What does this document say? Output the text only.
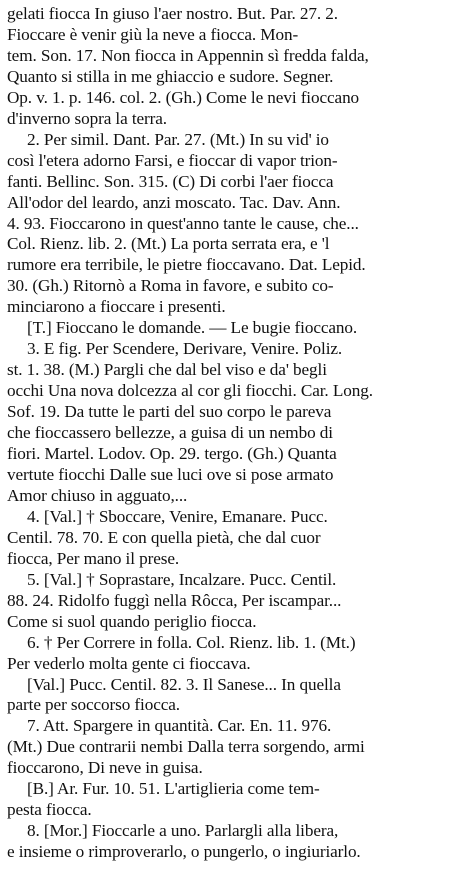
gelati fiocca In giuso l'aer nostro. But. Par. 27. 2.
Fioccare è venir giù la neve a fiocca. Mon-
tem. Son. 17. Non fiocca in Appennin sì fredda falda,
Quanto si stilla in me ghiaccio e sudore. Segner.
Op. v. 1. p. 146. col. 2. (Gh.) Come le nevi fioccano
d'inverno sopra la terra.
2. Per simil. Dant. Par. 27. (Mt.) In su vid' io
così l'etera adorno Farsi, e fioccar di vapor trion-
fanti. Bellinc. Son. 315. (C) Di corbi l'aer fiocca
All'odor del leardo, anzi moscato. Tac. Dav. Ann.
4. 93. Fioccarono in quest'anno tante le cause, che...
Col. Rienz. lib. 2. (Mt.) La porta serrata era, e 'l
rumore era terribile, le pietre fioccavano. Dat. Lepid.
30. (Gh.) Ritornò a Roma in favore, e subito co-
minciarono a fioccare i presenti.
[T.] Fioccano le domande. — Le bugie fioccano.
3. E fig. Per Scendere, Derivare, Venire. Poliz.
st. 1. 38. (M.) Pargli che dal bel viso e da' begli
occhi Una nova dolcezza al cor gli fiocchi. Car. Long.
Sof. 19. Da tutte le parti del suo corpo le pareva
che fioccassero bellezze, a guisa di un nembo di
fiori. Martel. Lodov. Op. 29. tergo. (Gh.) Quanta
vertute fiocchi Dalle sue luci ove si pose armato
Amor chiuso in agguato,...
4. [Val.] † Sboccare, Venire, Emanare. Pucc.
Centil. 78. 70. E con quella pietà, che dal cuor
fiocca, Per mano il prese.
5. [Val.] † Soprastare, Incalzare. Pucc. Centil.
88. 24. Ridolfo fuggì nella Rôcca, Per iscampar...
Come si suol quando periglio fiocca.
6. † Per Correre in folla. Col. Rienz. lib. 1. (Mt.)
Per vederlo molta gente ci fioccava.
[Val.] Pucc. Centil. 82. 3. Il Sanese... In quella
parte per soccorso fiocca.
7. Att. Spargere in quantità. Car. En. 11. 976.
(Mt.) Due contrarii nembi Dalla terra sorgendo, armi
fioccarono, Di neve in guisa.
[B.] Ar. Fur. 10. 51. L'artiglieria come tem-
pesta fiocca.
8. [Mor.] Fioccarle a uno. Parlargli alla libera,
e insieme o rimproverarlo, o pungerlo, o ingiuriarlo.
